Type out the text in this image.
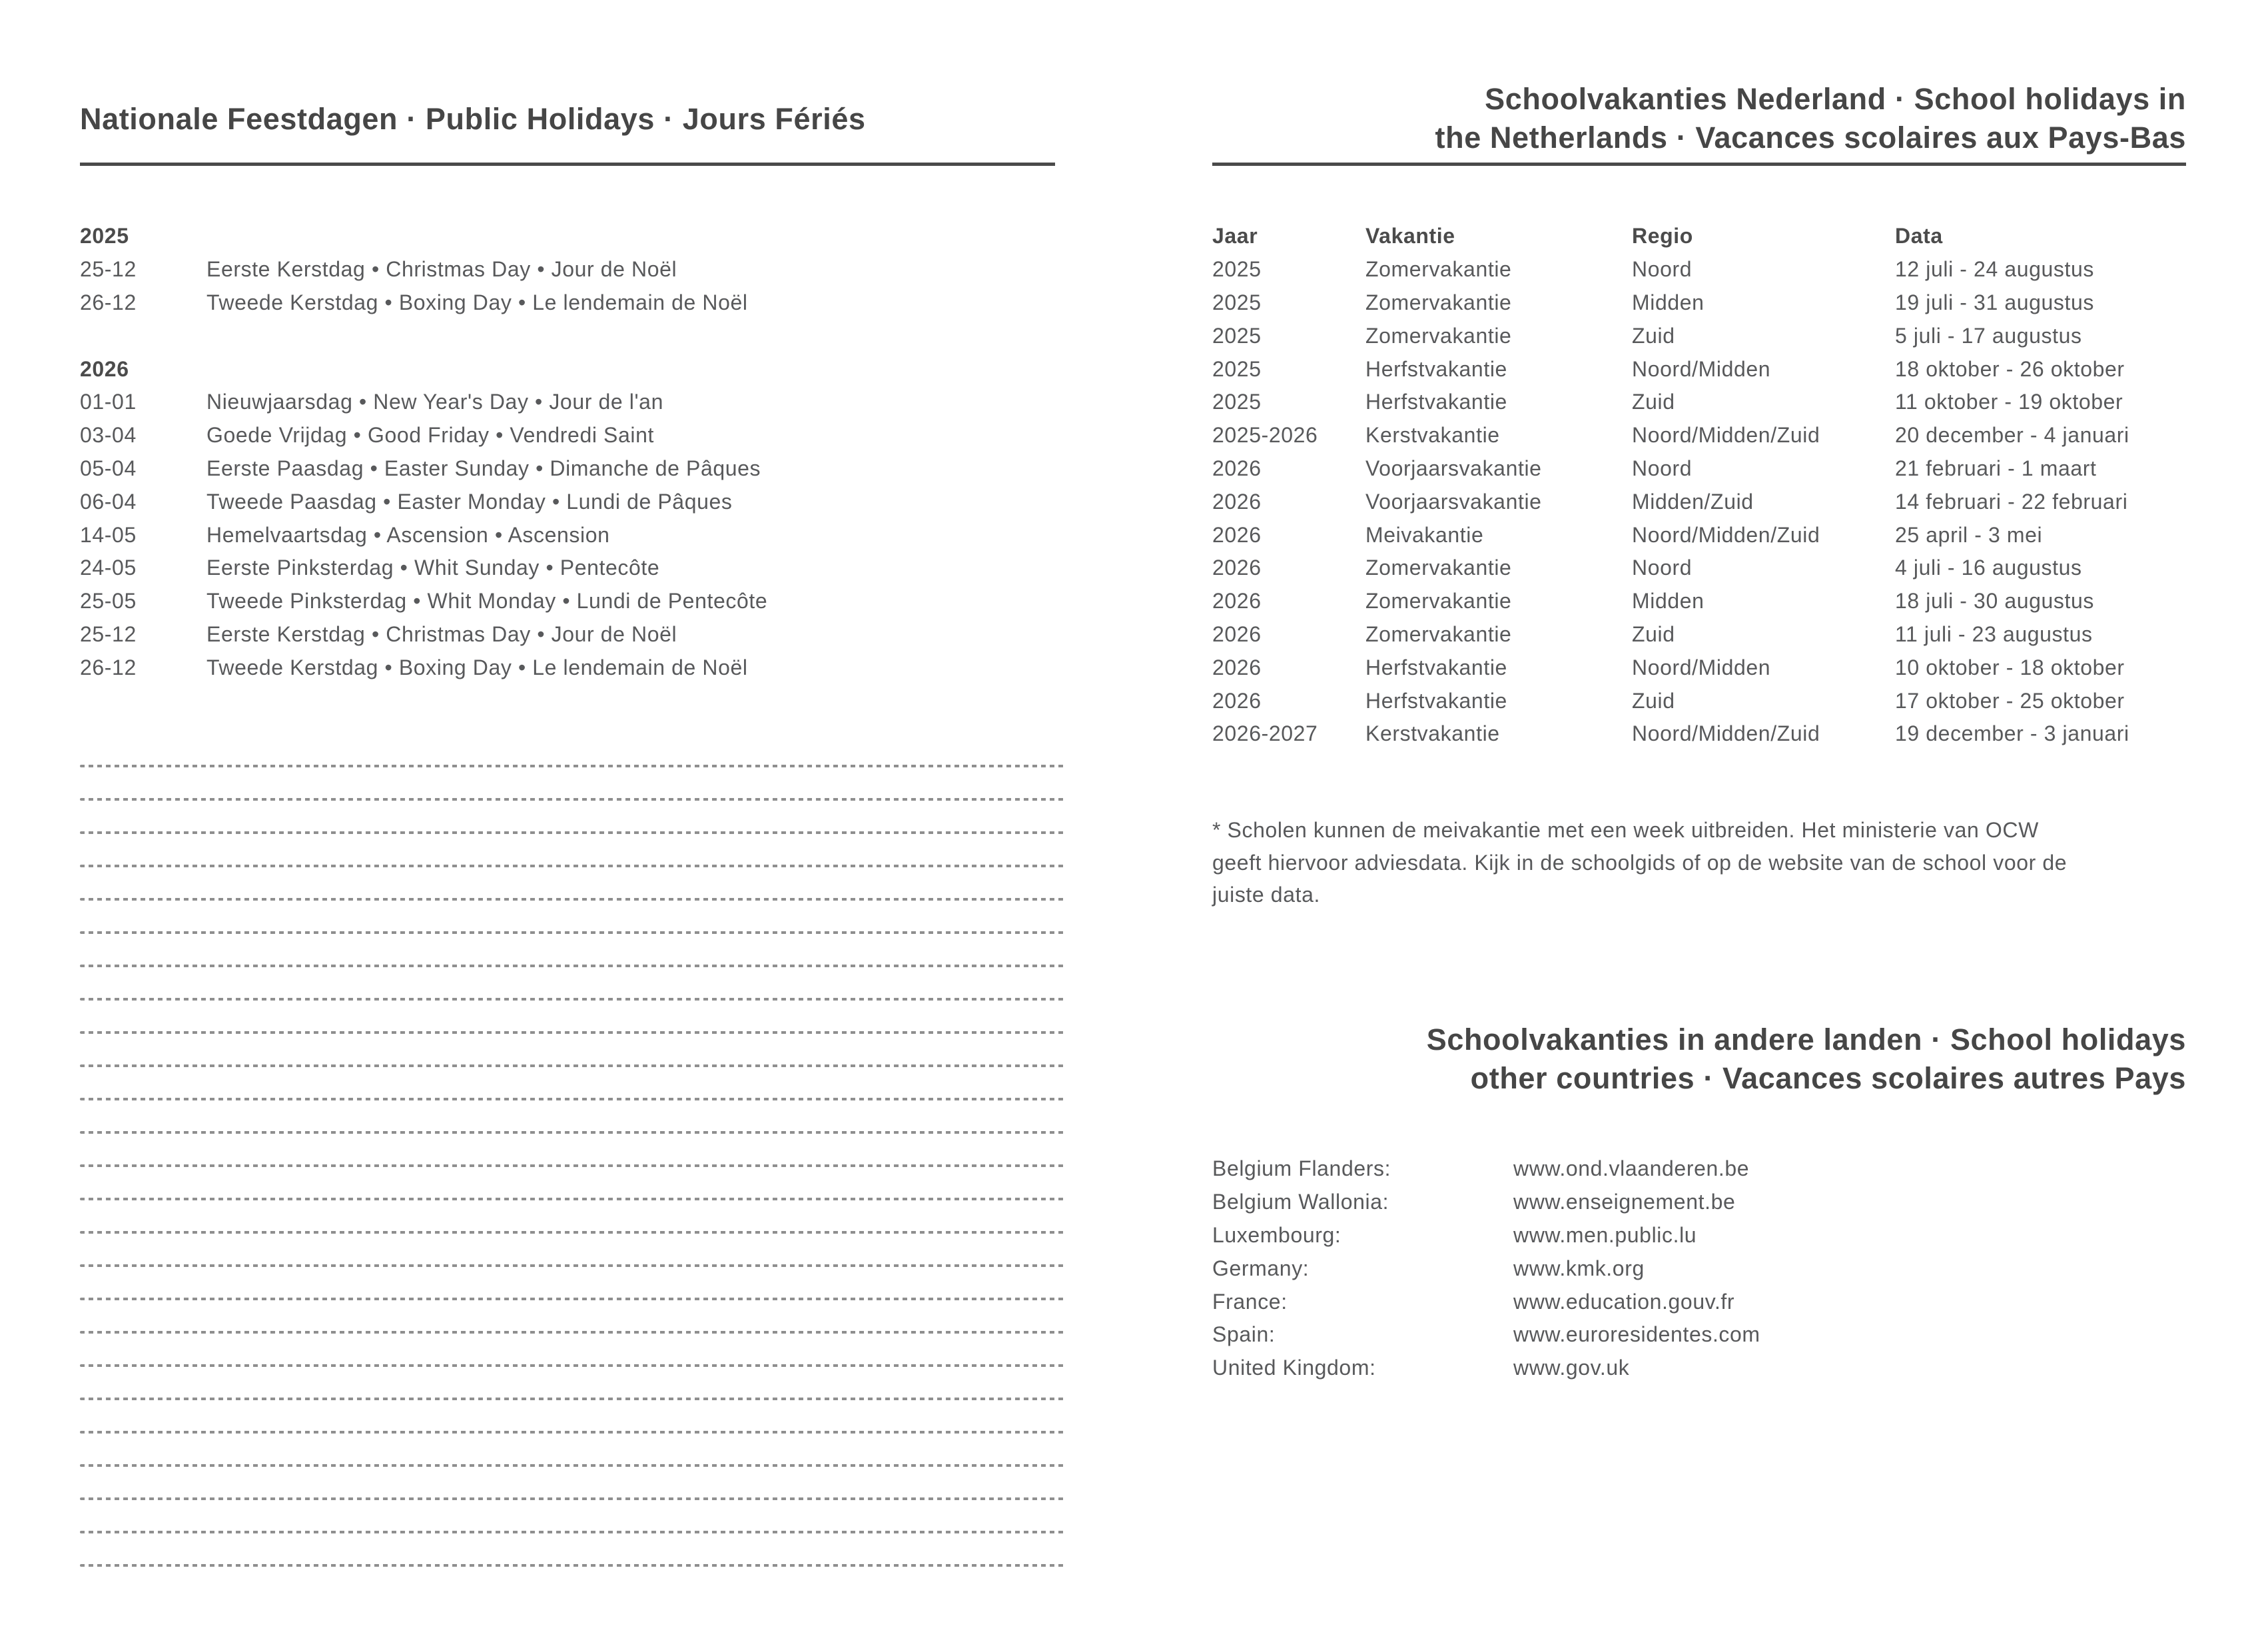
Nationale Feestdagen · Public Holidays · Jours Fériés
2025
25-12	Eerste Kerstdag • Christmas Day • Jour de Noël
26-12	Tweede Kerstdag • Boxing Day • Le lendemain de Noël
2026
01-01	Nieuwjaarsdag • New Year's Day • Jour de l'an
03-04	Goede Vrijdag • Good Friday • Vendredi Saint
05-04	Eerste Paasdag • Easter Sunday • Dimanche de Pâques
06-04	Tweede Paasdag • Easter Monday • Lundi de Pâques
14-05	Hemelvaartsdag • Ascension • Ascension
24-05	Eerste Pinksterdag • Whit Sunday • Pentecôte
25-05	Tweede Pinksterdag • Whit Monday • Lundi de Pentecôte
25-12	Eerste Kerstdag • Christmas Day • Jour de Noël
26-12	Tweede Kerstdag • Boxing Day • Le lendemain de Noël
Schoolvakanties Nederland · School holidays in
the Netherlands · Vacances scolaires aux Pays-Bas
Jaar	Vakantie	Regio	Data
2025	Zomervakantie	Noord	12 juli - 24 augustus
2025	Zomervakantie	Midden	19 juli - 31 augustus
2025	Zomervakantie	Zuid	5 juli - 17 augustus
2025	Herfstvakantie	Noord/Midden	18 oktober - 26 oktober
2025	Herfstvakantie	Zuid	11 oktober - 19 oktober
2025-2026	Kerstvakantie	Noord/Midden/Zuid	20 december - 4 januari
2026	Voorjaarsvakantie	Noord	21 februari - 1 maart
2026	Voorjaarsvakantie	Midden/Zuid	14 februari - 22 februari
2026	Meivakantie	Noord/Midden/Zuid	25 april - 3 mei
2026	Zomervakantie	Noord	4 juli - 16 augustus
2026	Zomervakantie	Midden	18 juli - 30 augustus
2026	Zomervakantie	Zuid	11 juli - 23 augustus
2026	Herfstvakantie	Noord/Midden	10 oktober - 18 oktober
2026	Herfstvakantie	Zuid	17 oktober - 25 oktober
2026-2027	Kerstvakantie	Noord/Midden/Zuid	19 december - 3 januari
* Scholen kunnen de meivakantie met een week uitbreiden. Het ministerie van OCW
geeft hiervoor adviesdata. Kijk in de schoolgids of op de website van de school voor de
juiste data.
Schoolvakanties in andere landen · School holidays
other countries · Vacances scolaires autres Pays
Belgium Flanders:	www.ond.vlaanderen.be
Belgium Wallonia:	www.enseignement.be
Luxembourg:	www.men.public.lu
Germany:	www.kmk.org
France:	www.education.gouv.fr
Spain:	www.euroresidentes.com
United Kingdom:	www.gov.uk
